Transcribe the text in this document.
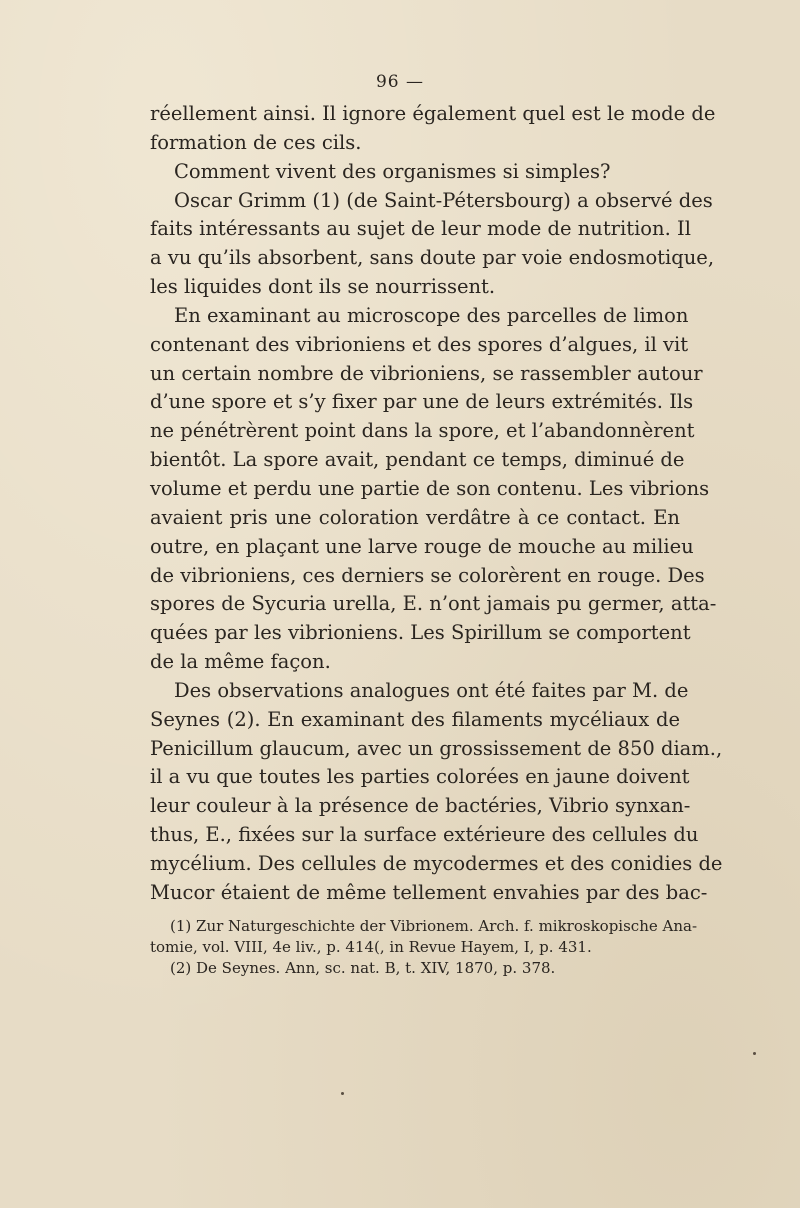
96 —
réellement ainsi. Il ignore également quel est le mode de
formation de ces cils.
Comment vivent des organismes si simples?
Oscar Grimm (1) (de Saint-Pétersbourg) a observé des
faits intéressants au sujet de leur mode de nutrition. Il
a vu qu’ils absorbent, sans doute par voie endosmotique,
les liquides dont ils se nourrissent.
En examinant au microscope des parcelles de limon
contenant des vibrioniens et des spores d’algues, il vit
un certain nombre de vibrioniens, se rassembler autour
d’une spore et s’y fixer par une de leurs extrémités. Ils
ne pénétrèrent point dans la spore, et l’abandonnèrent
bientôt. La spore avait, pendant ce temps, diminué de
volume et perdu une partie de son contenu. Les vibrions
avaient pris une coloration verdâtre à ce contact. En
outre, en plaçant une larve rouge de mouche au milieu
de vibrioniens, ces derniers se colorèrent en rouge. Des
spores de Sycuria urella, E. n’ont jamais pu germer, atta-
quées par les vibrioniens. Les Spirillum se comportent
de la même façon.
Des observations analogues ont été faites par M. de
Seynes (2). En examinant des filaments mycéliaux de
Penicillum glaucum, avec un grossissement de 850 diam.,
il a vu que toutes les parties colorées en jaune doivent
leur couleur à la présence de bactéries, Vibrio synxan-
thus, E., fixées sur la surface extérieure des cellules du
mycélium. Des cellules de mycodermes et des conidies de
Mucor étaient de même tellement envahies par des bac-
(1) Zur Naturgeschichte der Vibrionem. Arch. f. mikroskopische Ana-
tomie, vol. VIII, 4e liv., p. 414(, in Revue Hayem, I, p. 431.
(2) De Seynes. Ann, sc. nat. B, t. XIV, 1870, p. 378.
